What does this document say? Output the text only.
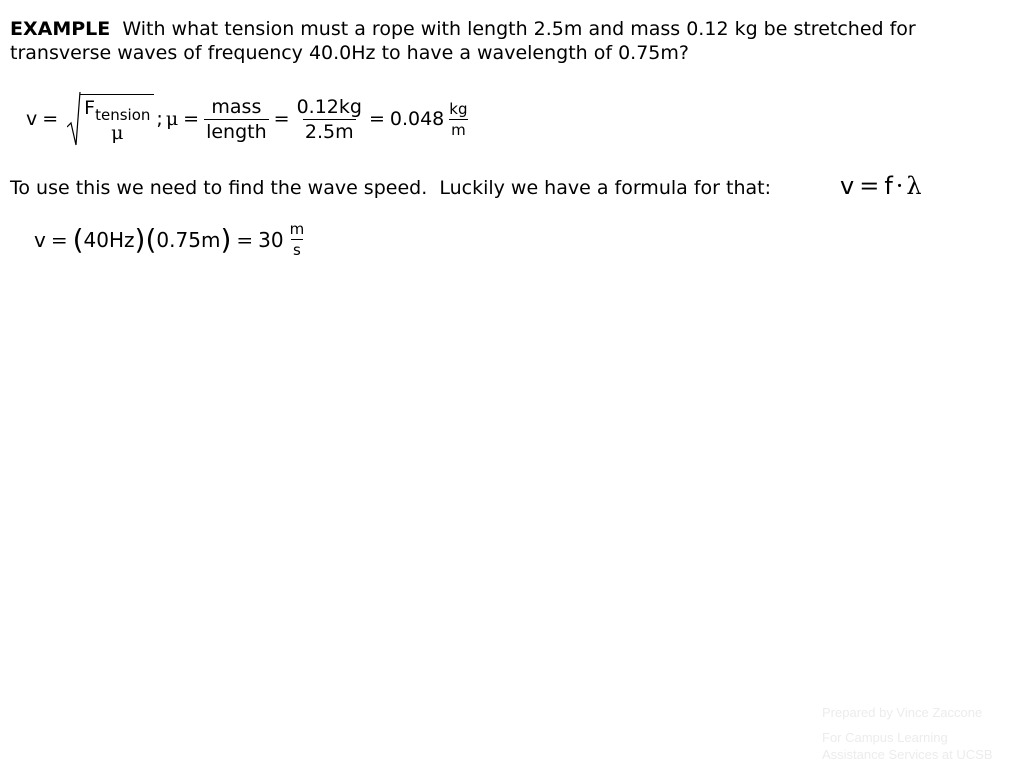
EXAMPLE  With what tension must a rope with length 2.5m and mass 0.12 kg be stretched for transverse waves of frequency 40.0Hz to have a wavelength of 0.75m?

$v = F_{tension}$
μ
; $\mu = \frac{\text{mass}}{\text{length}} = \frac{0.12kg}{2.5m} = 0.048 \frac{kg}{m}$

To use this we need to find the wave speed.  Luckily we have a formula for that:	v = f · λ
v = ( 40Hz ) ( 0.75m ) = $30 \frac{m}{s}$

Prepared by Vince Zaccone

For Campus Learning

Assistance Services at UCSB
